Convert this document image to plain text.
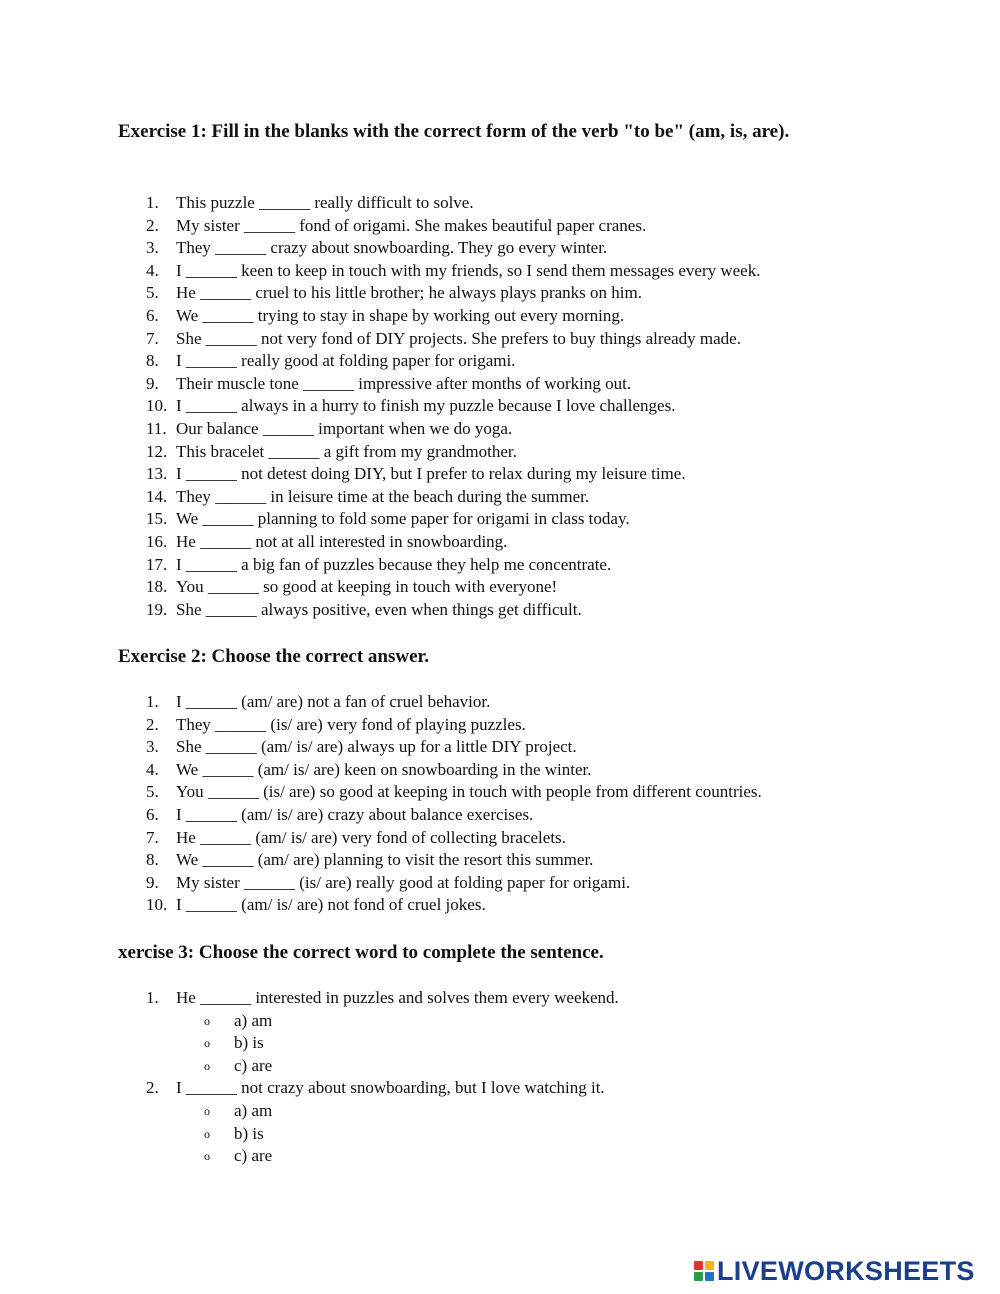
Exercise 1: Fill in the blanks with the correct form of the verb "to be" (am, is, are).
1.	This puzzle ______ really difficult to solve.
2.	My sister ______ fond of origami. She makes beautiful paper cranes.
3.	They ______ crazy about snowboarding. They go every winter.
4.	I ______ keen to keep in touch with my friends, so I send them messages every week.
5.	He ______ cruel to his little brother; he always plays pranks on him.
6.	We ______ trying to stay in shape by working out every morning.
7.	She ______ not very fond of DIY projects. She prefers to buy things already made.
8.	I ______ really good at folding paper for origami.
9.	Their muscle tone ______ impressive after months of working out.
10. I ______ always in a hurry to finish my puzzle because I love challenges.
11. Our balance ______ important when we do yoga.
12. This bracelet ______ a gift from my grandmother.
13. I ______ not detest doing DIY, but I prefer to relax during my leisure time.
14. They ______ in leisure time at the beach during the summer.
15. We ______ planning to fold some paper for origami in class today.
16. He ______ not at all interested in snowboarding.
17. I ______ a big fan of puzzles because they help me concentrate.
18. You ______ so good at keeping in touch with everyone!
19. She ______ always positive, even when things get difficult.
Exercise 2: Choose the correct answer.
1.	I ______ (am/ are) not a fan of cruel behavior.
2.	They ______ (is/ are) very fond of playing puzzles.
3.	She ______ (am/ is/ are) always up for a little DIY project.
4.	We ______ (am/ is/ are) keen on snowboarding in the winter.
5.	You ______ (is/ are) so good at keeping in touch with people from different countries.
6.	I ______ (am/ is/ are) crazy about balance exercises.
7.	He ______ (am/ is/ are) very fond of collecting bracelets.
8.	We ______ (am/ are) planning to visit the resort this summer.
9.	My sister ______ (is/ are) really good at folding paper for origami.
10. I ______ (am/ is/ are) not fond of cruel jokes.
xercise 3: Choose the correct word to complete the sentence.
1.	He ______ interested in puzzles and solves them every weekend.
o	a) am
o	b) is
o	c) are
2.	I ______ not crazy about snowboarding, but I love watching it.
o	a) am
o	b) is
o	c) are
LIVEWORKSHEETS
